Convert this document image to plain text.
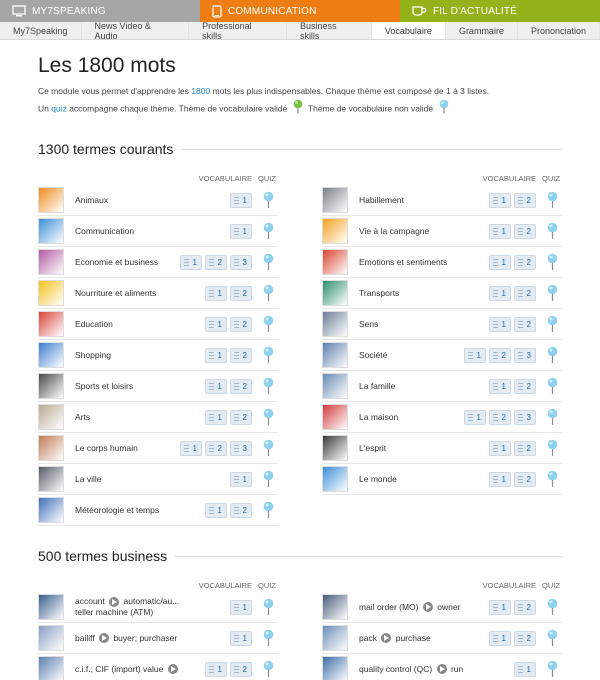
MY7SPEAKING	COMMUNICATION	FIL D'ACTUALITÉ
My7Speaking	News Video & Audio
Professional skills
Business skills	Vocabulaire	Grammaire	Prononciation
Les 1800 mots

Ce module vous permet d'apprendre les 1800 mots les plus indispensables. Chaque thème est composé de 1 à 3 listes.

Un quiz accompagne chaque thème. Thème de vocabulaire validé Thème de vocabulaire non validé

1300 termes courants
VOCABULAIRE QUIZ
Animaux	1
Communication	1
Economie et business	1	2	3
Nourriture et aliments	1	2
Education	1	2
Shopping	1	2
Sports et loisirs	1	2
Arts	1	2
Le corps humain	1	2	3
La ville	1
Météorologie et temps	1	2
VOCABULAIRE QUIZ
Habillement	1	2
Vie à la campagne	1	2
Emotions et sentiments	1	2
Transports	1	2
Sens	1	2
Société	1	2	3
La famille	1	2
La maison	1	2	3
L'esprit	1	2
Le monde	1	2
500 termes business
VOCABULAIRE QUIZ
account automatic/au...
teller machine (ATM)	1
bailiff buyer; purchaser	1
c.i.f.; CIF (import) value	1	2
VOCABULAIRE QUIZ
mail order (MO) owner	1	2
pack purchase	1	2
quality control (QC) run	1
